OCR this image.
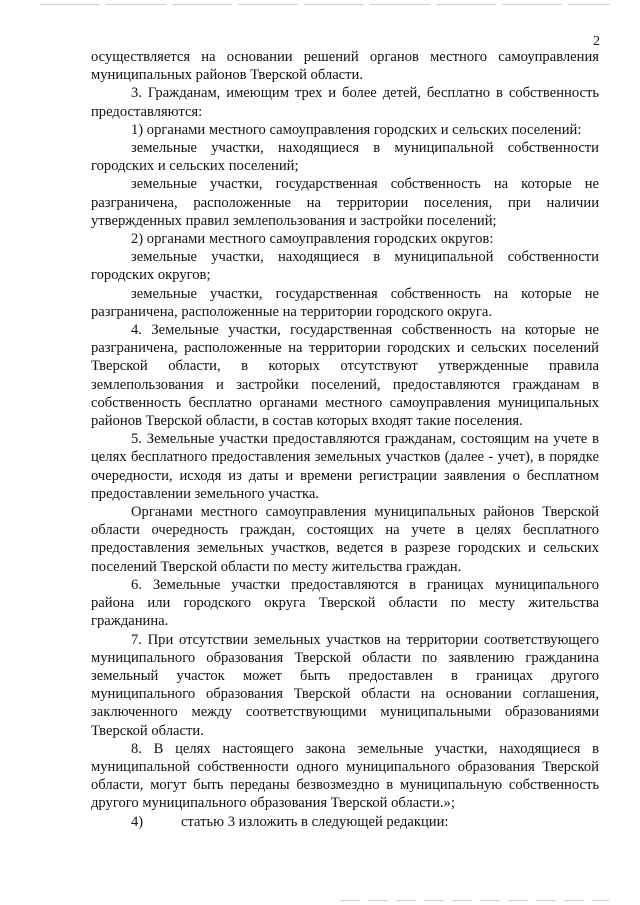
2

осуществляется на основании решений органов местного самоуправления муниципальных районов Тверской области.

3. Гражданам, имеющим трех и более детей, бесплатно в собственность предоставляются:

1) органами местного самоуправления городских и сельских поселений:

земельные участки, находящиеся в муниципальной собственности городских и сельских поселений;

земельные участки, государственная собственность на которые не разграничена, расположенные на территории поселения, при наличии утвержденных правил землепользования и застройки поселений;

2) органами местного самоуправления городских округов:

земельные участки, находящиеся в муниципальной собственности городских округов;

земельные участки, государственная собственность на которые не разграничена, расположенные на территории городского округа.

4. Земельные участки, государственная собственность на которые не разграничена, расположенные на территории городских и сельских поселений Тверской области, в которых отсутствуют утвержденные правила землепользования и застройки поселений, предоставляются гражданам в собственность бесплатно органами местного самоуправления муниципальных районов Тверской области, в состав которых входят такие поселения.

5. Земельные участки предоставляются гражданам, состоящим на учете в целях бесплатного предоставления земельных участков (далее - учет), в порядке очередности, исходя из даты и времени регистрации заявления о бесплатном предоставлении земельного участка.

Органами местного самоуправления муниципальных районов Тверской области очередность граждан, состоящих на учете в целях бесплатного предоставления земельных участков, ведется в разрезе городских и сельских поселений Тверской области по месту жительства граждан.

6. Земельные участки предоставляются в границах муниципального района или городского округа Тверской области по месту жительства гражданина.

7. При отсутствии земельных участков на территории соответствующего муниципального образования Тверской области по заявлению гражданина земельный участок может быть предоставлен в границах другого муниципального образования Тверской области на основании соглашения, заключенного между соответствующими муниципальными образованиями Тверской области.

8. В целях настоящего закона земельные участки, находящиеся в муниципальной собственности одного муниципального образования Тверской области, могут быть переданы безвозмездно в муниципальную собственность другого муниципального образования Тверской области.»;

4)	статью 3 изложить в следующей редакции:
